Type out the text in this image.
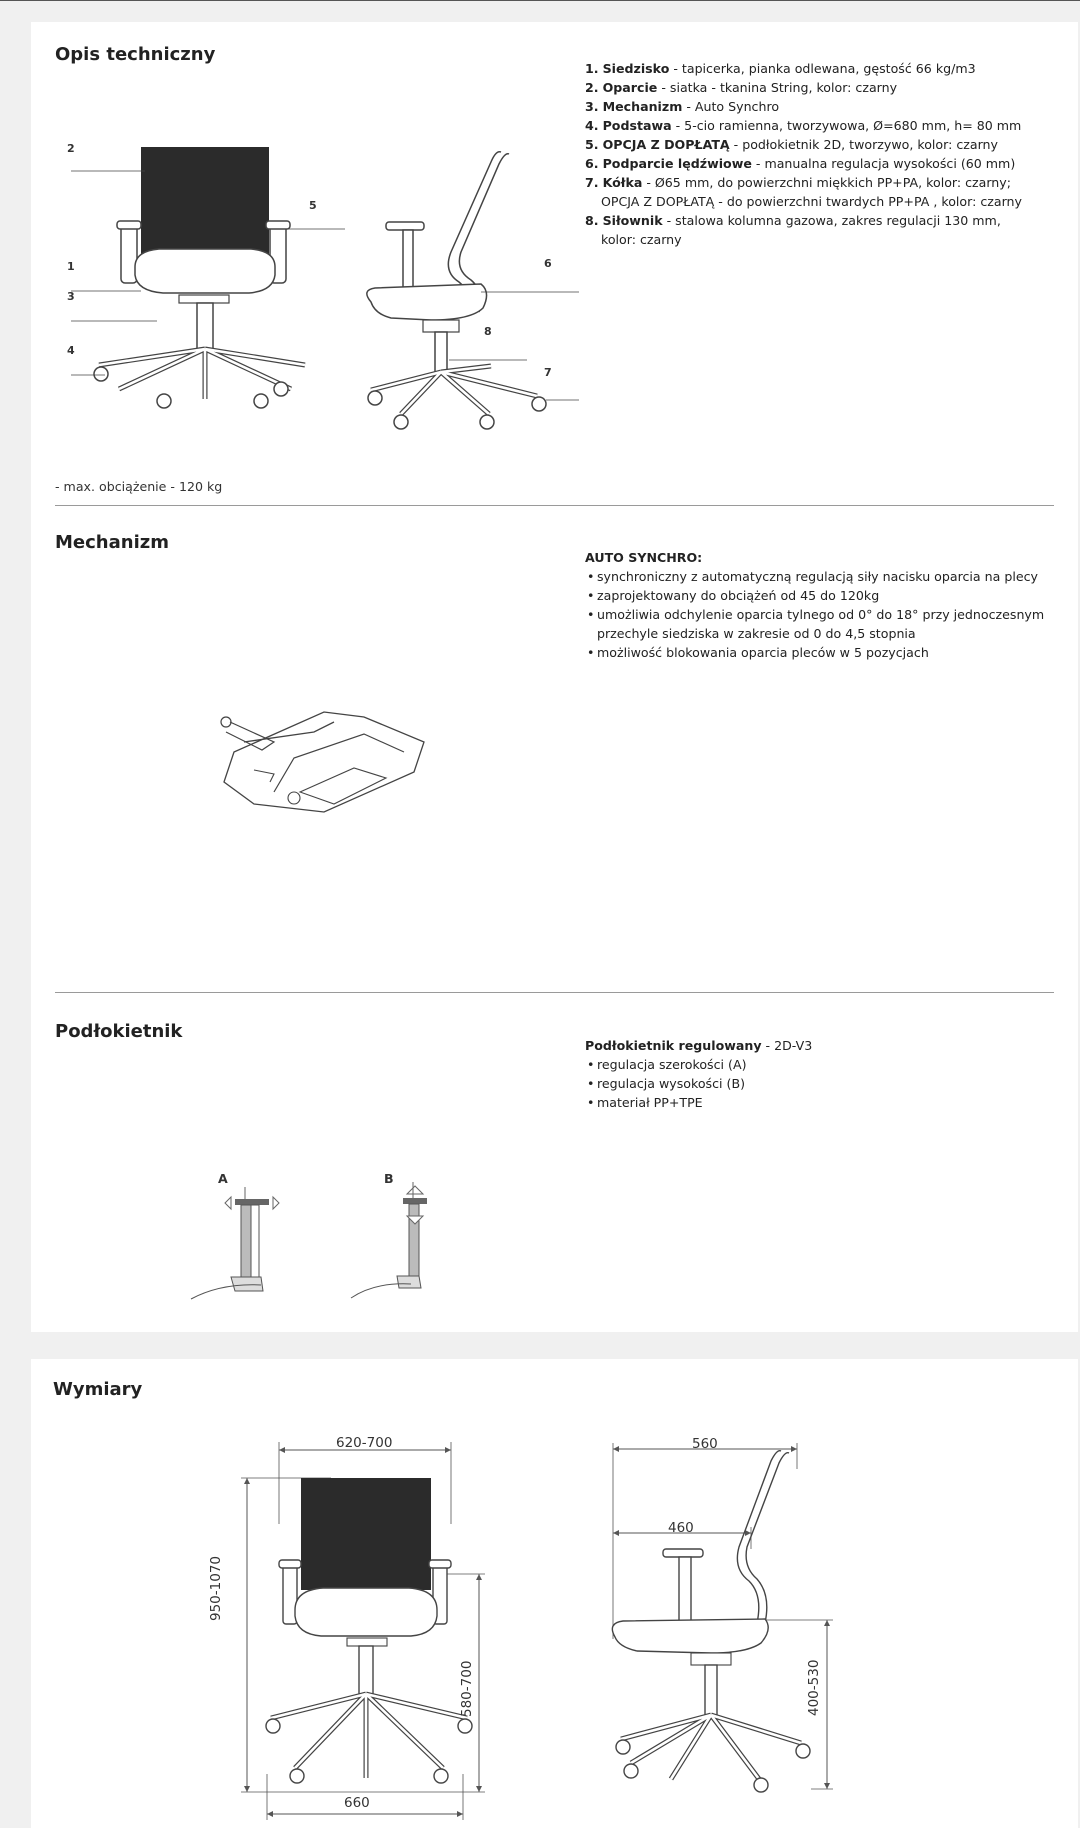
Opis techniczny
1. Siedzisko - tapicerka, pianka odlewana, gęstość 66 kg/m3
2. Oparcie - siatka - tkanina String, kolor: czarny
3. Mechanizm - Auto Synchro
4. Podstawa - 5-cio ramienna, tworzywowa, Ø=680 mm, h= 80 mm
5. OPCJA Z DOPŁATĄ - podłokietnik 2D, tworzywo, kolor: czarny
6. Podparcie lędźwiowe - manualna regulacja wysokości (60 mm)
7. Kółka - Ø65 mm, do powierzchni miękkich PP+PA, kolor: czarny;
OPCJA Z DOPŁATĄ - do powierzchni twardych PP+PA , kolor: czarny
8. Siłownik - stalowa kolumna gazowa, zakres regulacji 130 mm,
kolor: czarny
2
5
1
3
4
6
8
7
- max. obciążenie - 120 kg
Mechanizm
AUTO SYNCHRO:
• synchroniczny z automatyczną regulacją siły nacisku oparcia na plecy
• zaprojektowany do obciążeń od 45 do 120kg
• umożliwia odchylenie oparcia tylnego od 0° do 18° przy jednoczesnym
przechyle siedziska w zakresie od 0 do 4,5 stopnia
• możliwość blokowania oparcia pleców w 5 pozycjach
Podłokietnik
Podłokietnik regulowany - 2D-V3
• regulacja szerokości (A)
• regulacja wysokości (B)
• materiał PP+TPE
A	B
Wymiary
620-700
950-1070
580-700
660
560
460
400-530
